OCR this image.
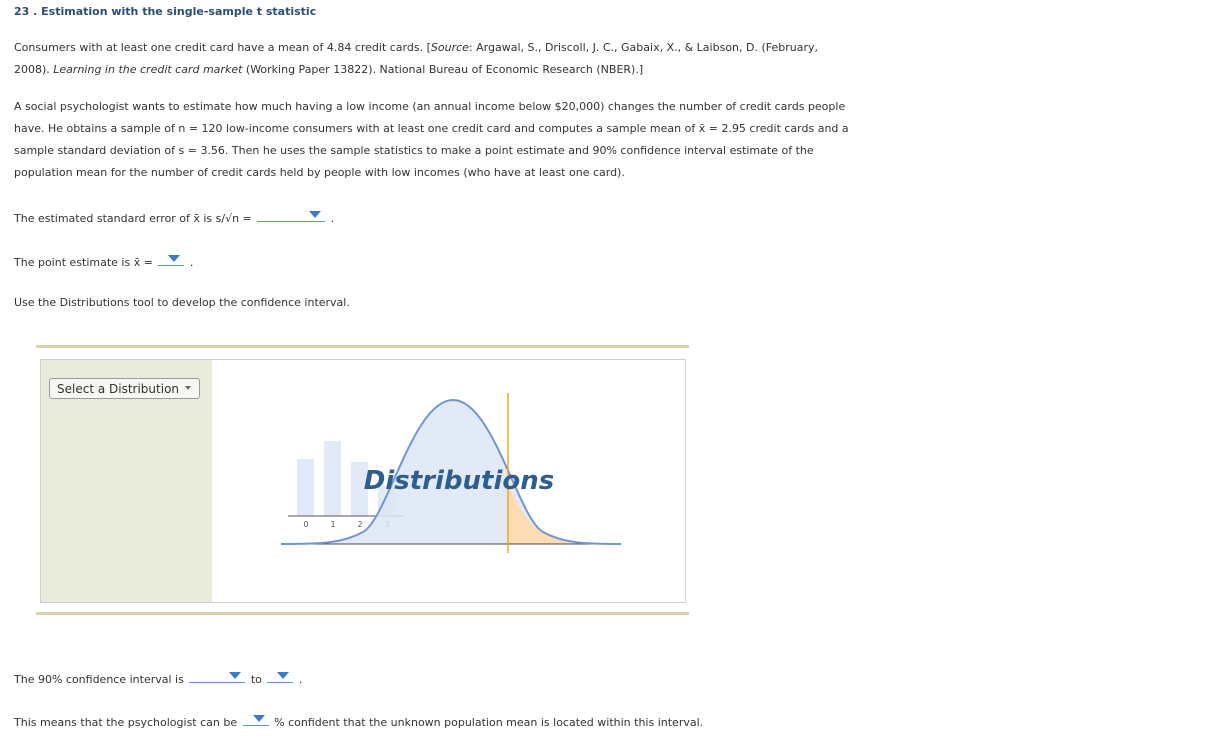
23 . Estimation with the single-sample t statistic
Consumers with at least one credit card have a mean of 4.84 credit cards. [Source: Argawal, S., Driscoll, J. C., Gabaix, X., & Laibson, D. (February, 2008). Learning in the credit card market (Working Paper 13822). National Bureau of Economic Research (NBER).]
A social psychologist wants to estimate how much having a low income (an annual income below $20,000) changes the number of credit cards people have. He obtains a sample of n = 120 low-income consumers with at least one credit card and computes a sample mean of x̄ = 2.95 credit cards and a sample standard deviation of s = 3.56. Then he uses the sample statistics to make a point estimate and 90% confidence interval estimate of the population mean for the number of credit cards held by people with low incomes (who have at least one card).
The estimated standard error of x̄ is s/√n =	.
The point estimate is x̄ =	.
Use the Distributions tool to develop the confidence interval.
Select a Distribution
0	1	2
Distributions
The 90% confidence interval is	to	.
This means that the psychologist can be	% confident that the unknown population mean is located within this interval.
